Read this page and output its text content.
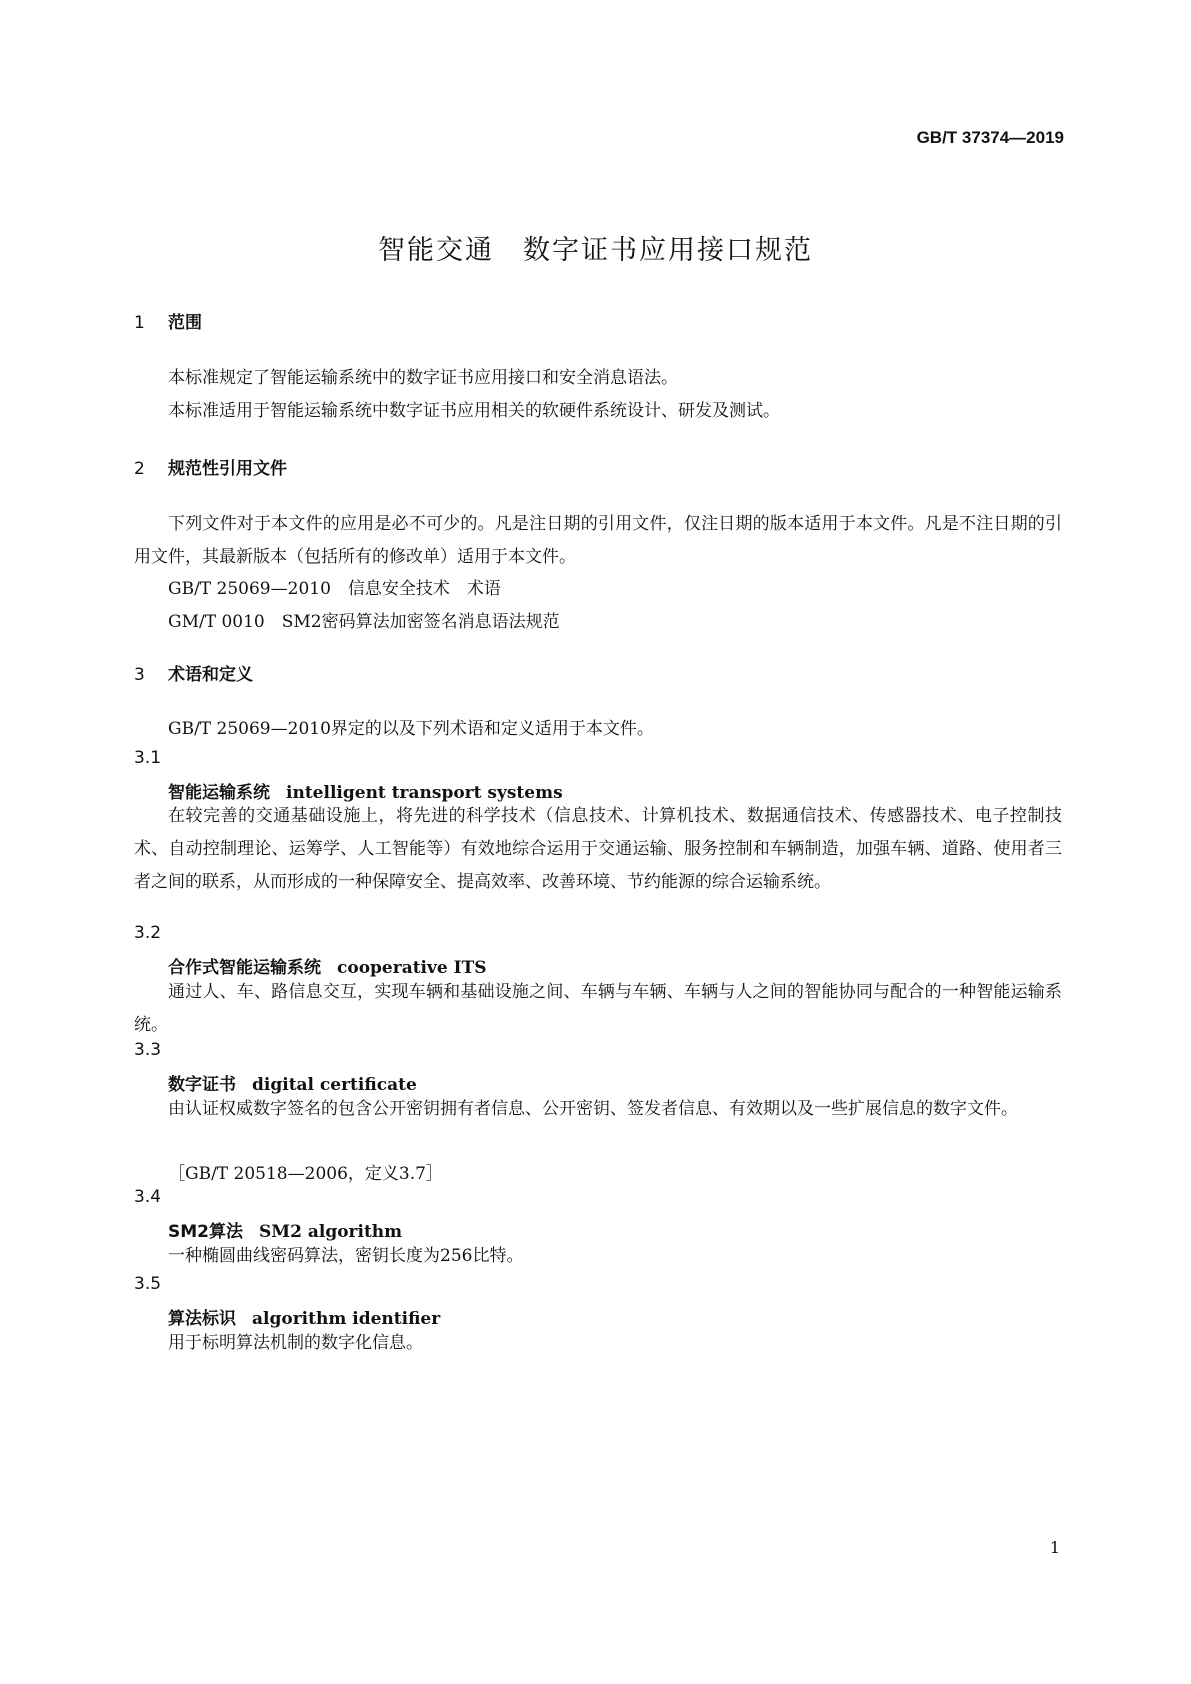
GB/T 37374—2019
智能交通　数字证书应用接口规范
1 范围
本标准规定了智能运输系统中的数字证书应用接口和安全消息语法。
本标准适用于智能运输系统中数字证书应用相关的软硬件系统设计、研发及测试。
2 规范性引用文件
下列文件对于本文件的应用是必不可少的。凡是注日期的引用文件，仅注日期的版本适用于本文件。凡是不注日期的引用文件，其最新版本（包括所有的修改单）适用于本文件。
GB/T 25069—2010　信息安全技术　术语
GM/T 0010　SM2密码算法加密签名消息语法规范
3 术语和定义
GB/T 25069—2010界定的以及下列术语和定义适用于本文件。
3.1
智能运输系统 intelligent transport systems
在较完善的交通基础设施上，将先进的科学技术（信息技术、计算机技术、数据通信技术、传感器技术、电子控制技术、自动控制理论、运筹学、人工智能等）有效地综合运用于交通运输、服务控制和车辆制造，加强车辆、道路、使用者三者之间的联系，从而形成的一种保障安全、提高效率、改善环境、节约能源的综合运输系统。
3.2
合作式智能运输系统 cooperative ITS
通过人、车、路信息交互，实现车辆和基础设施之间、车辆与车辆、车辆与人之间的智能协同与配合的一种智能运输系统。
3.3
数字证书 digital certificate
由认证权威数字签名的包含公开密钥拥有者信息、公开密钥、签发者信息、有效期以及一些扩展信息的数字文件。
［GB/T 20518—2006，定义3.7］
3.4
SM2算法 SM2 algorithm
一种椭圆曲线密码算法，密钥长度为256比特。
3.5
算法标识 algorithm identifier
用于标明算法机制的数字化信息。
1
